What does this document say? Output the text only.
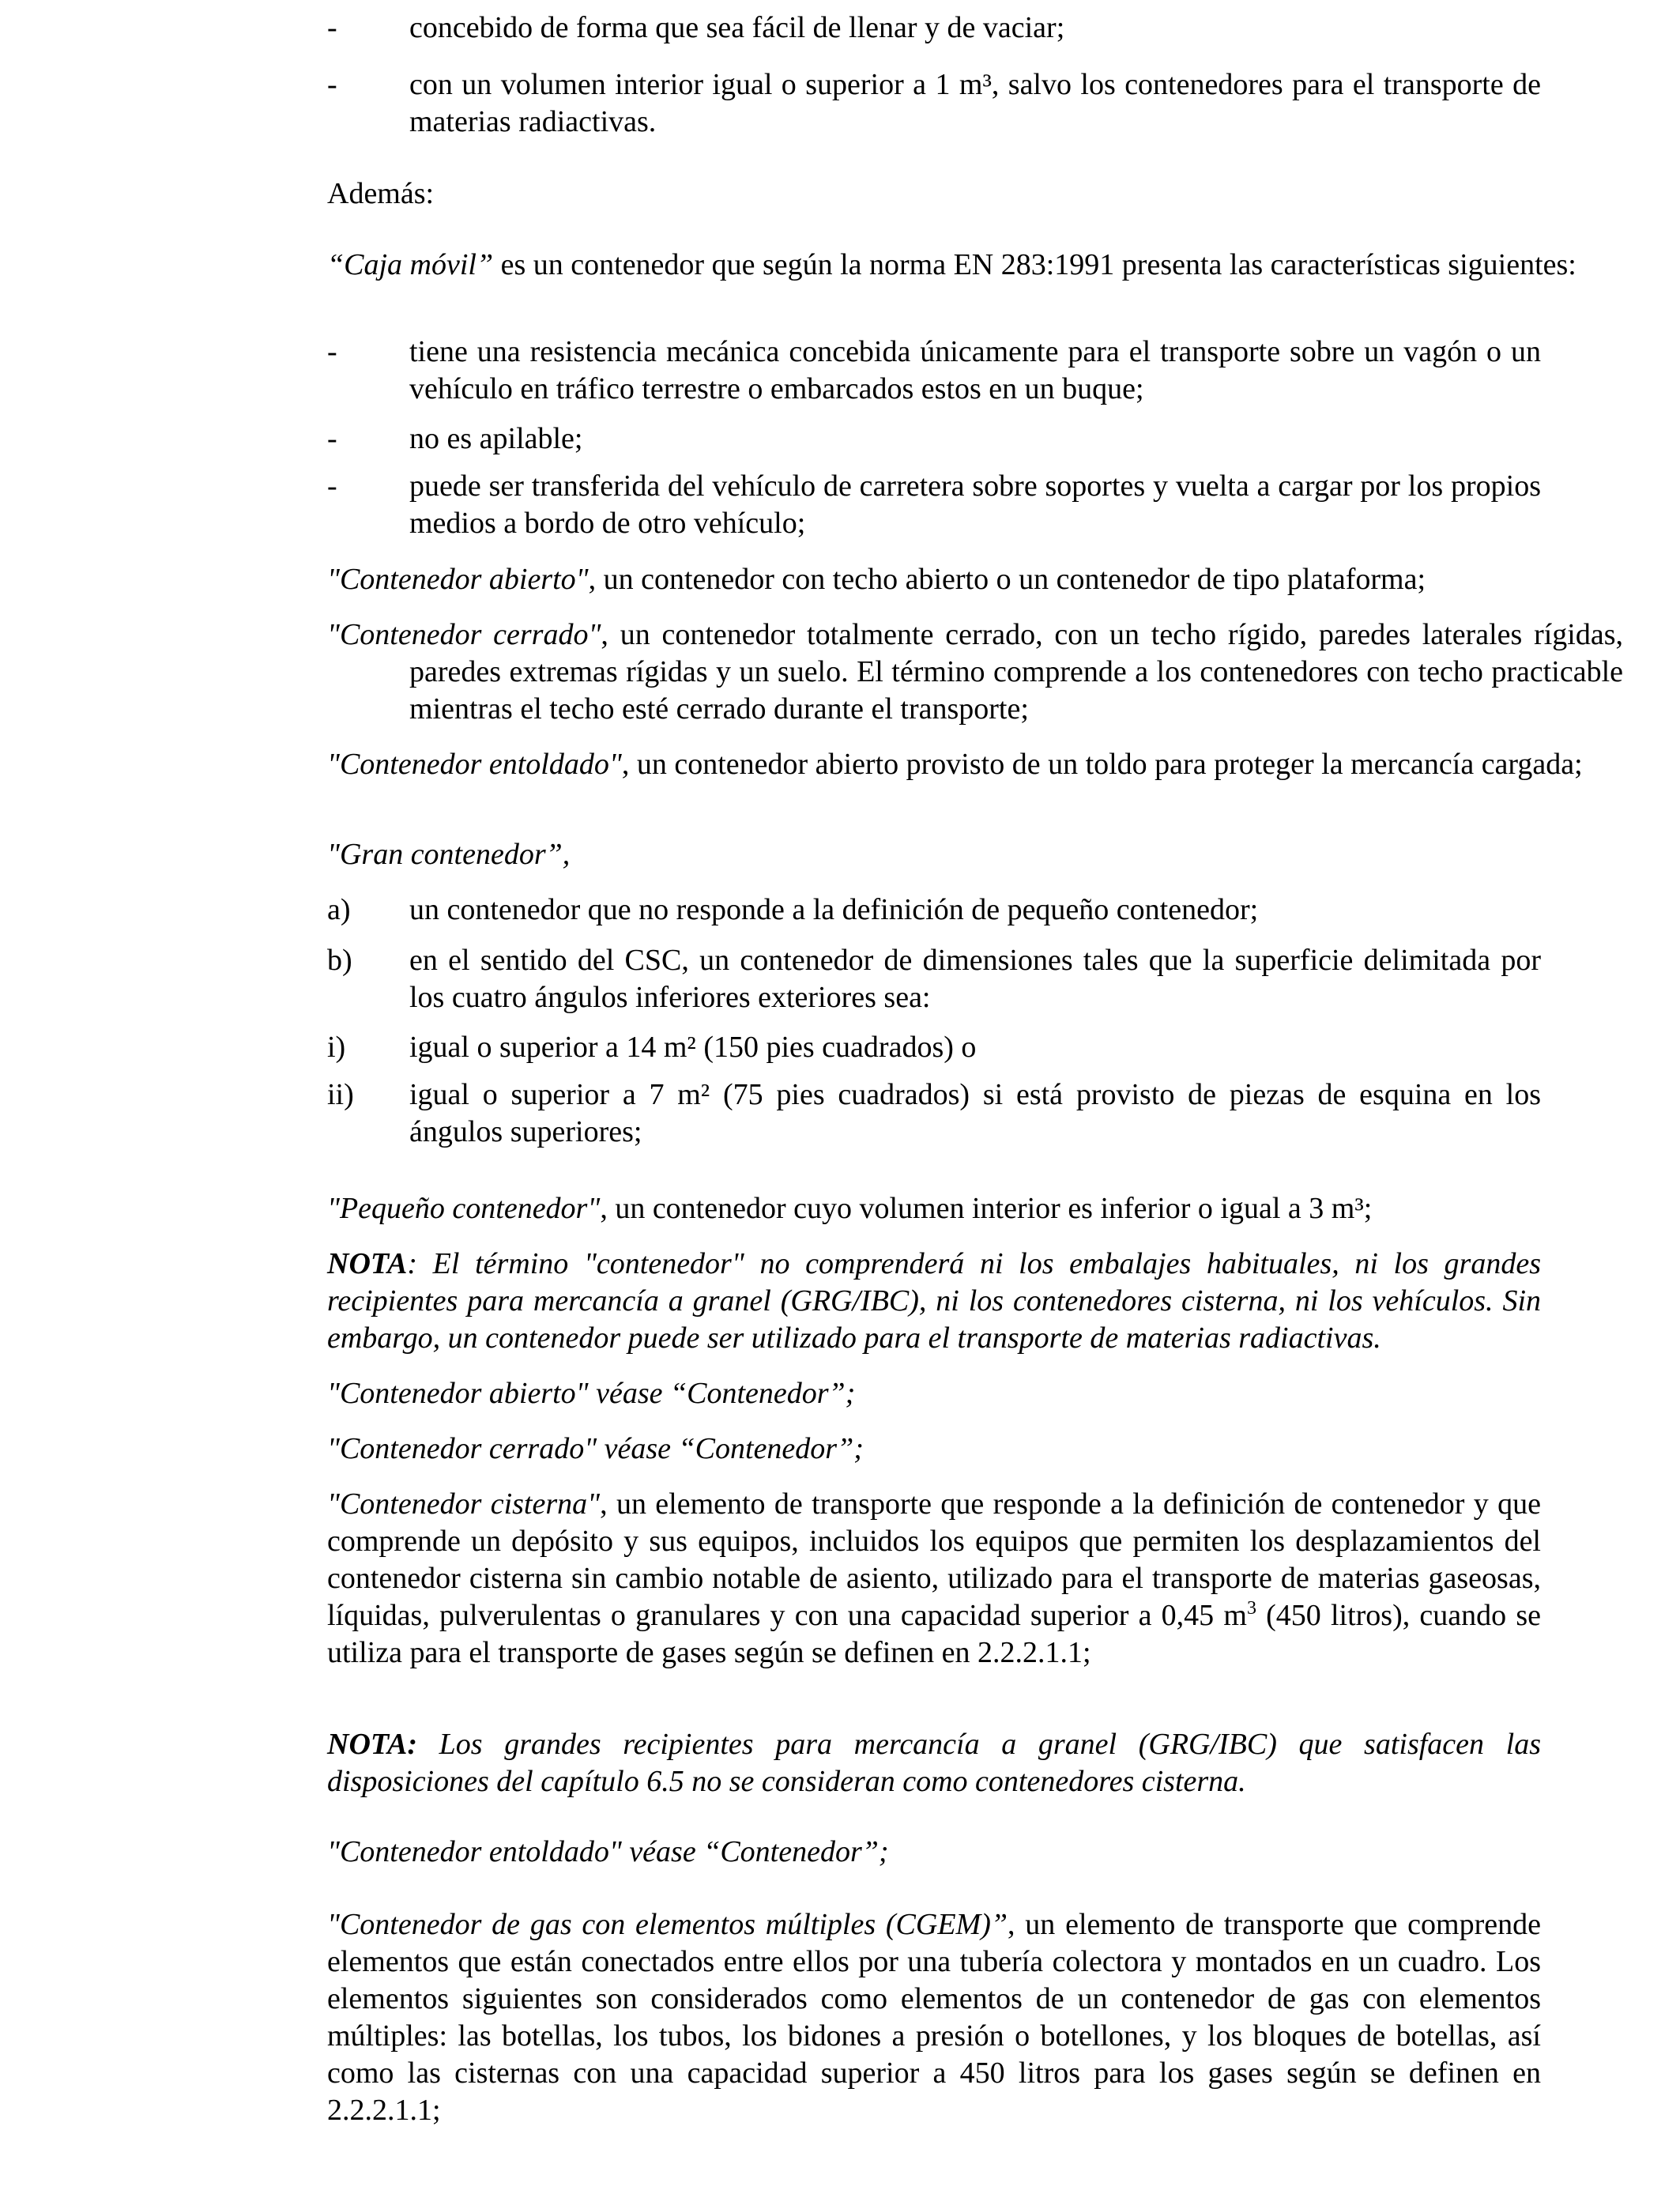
- concebido de forma que sea fácil de llenar y de vaciar;

- con un volumen interior igual o superior a 1 m³, salvo los contenedores para el transporte de materias radiactivas.

Además:

“Caja móvil” es un contenedor que según la norma EN 283:1991 presenta las características siguientes:

- tiene una resistencia mecánica concebida únicamente para el transporte sobre un vagón o un vehículo en tráfico terrestre o embarcados estos en un buque;

- no es apilable;

- puede ser transferida del vehículo de carretera sobre soportes y vuelta a cargar por los propios medios a bordo de otro vehículo;

"Contenedor abierto", un contenedor con techo abierto o un contenedor de tipo plataforma;

"Contenedor cerrado", un contenedor totalmente cerrado, con un techo rígido, paredes laterales rígidas, paredes extremas rígidas y un suelo. El término comprende a los contenedores con techo practicable mientras el techo esté cerrado durante el transporte;

"Contenedor entoldado", un contenedor abierto provisto de un toldo para proteger la mercancía cargada;

"Gran contenedor”,

a) un contenedor que no responde a la definición de pequeño contenedor;

b) en el sentido del CSC, un contenedor de dimensiones tales que la superficie delimitada por los cuatro ángulos inferiores exteriores sea:

i) igual o superior a 14 m² (150 pies cuadrados) o

ii) igual o superior a 7 m² (75 pies cuadrados) si está provisto de piezas de esquina en los ángulos superiores;

"Pequeño contenedor", un contenedor cuyo volumen interior es inferior o igual a 3 m³;

NOTA: El término "contenedor" no comprenderá ni los embalajes habituales, ni los grandes recipientes para mercancía a granel (GRG/IBC), ni los contenedores cisterna, ni los vehículos. Sin embargo, un contenedor puede ser utilizado para el transporte de materias radiactivas.

"Contenedor abierto" véase “Contenedor”;

"Contenedor cerrado" véase “Contenedor”;

"Contenedor cisterna", un elemento de transporte que responde a la definición de contenedor y que comprende un depósito y sus equipos, incluidos los equipos que permiten los desplazamientos del contenedor cisterna sin cambio notable de asiento, utilizado para el transporte de materias gaseosas, líquidas, pulverulentas o granulares y con una capacidad superior a 0,45 $m^3$ (450 litros), cuando se utiliza para el transporte de gases según se definen en 2.2.2.1.1;

NOTA: Los grandes recipientes para mercancía a granel (GRG/IBC) que satisfacen las disposiciones del capítulo 6.5 no se consideran como contenedores cisterna.

"Contenedor entoldado" véase “Contenedor”;

"Contenedor de gas con elementos múltiples (CGEM)”, un elemento de transporte que comprende elementos que están conectados entre ellos por una tubería colectora y montados en un cuadro. Los elementos siguientes son considerados como elementos de un contenedor de gas con elementos múltiples: las botellas, los tubos, los bidones a presión o botellones, y los bloques de botellas, así como las cisternas con una capacidad superior a 450 litros para los gases según se definen en 2.2.2.1.1;
